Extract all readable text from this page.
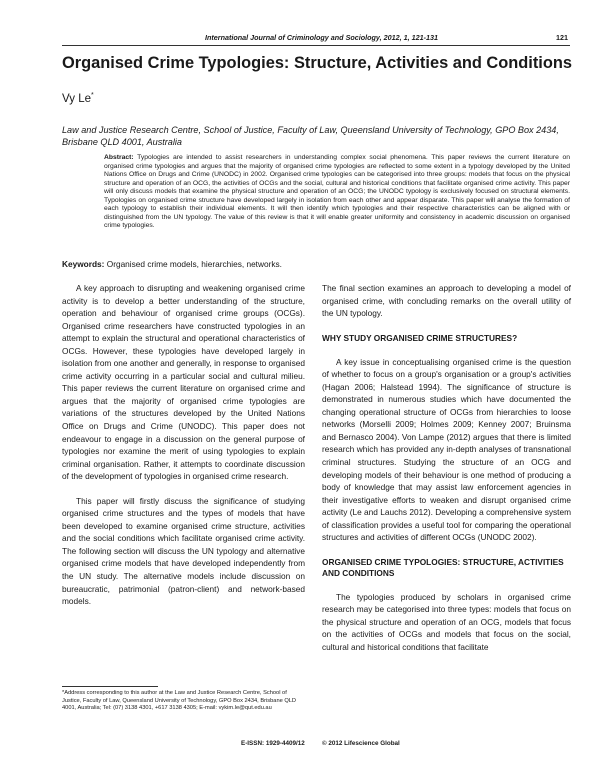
International Journal of Criminology and Sociology, 2012, 1, 121-131	121
Organised Crime Typologies: Structure, Activities and Conditions
Vy Le*
Law and Justice Research Centre, School of Justice, Faculty of Law, Queensland University of Technology, GPO Box 2434, Brisbane QLD 4001, Australia
Abstract: Typologies are intended to assist researchers in understanding complex social phenomena. This paper reviews the current literature on organised crime typologies and argues that the majority of organised crime typologies are reflected to some extent in a typology developed by the United Nations Office on Drugs and Crime (UNODC) in 2002. Organised crime typologies can be categorised into three groups: models that focus on the physical structure and operation of an OCG, the activities of OCGs and the social, cultural and historical conditions that facilitate organised crime activity. This paper will only discuss models that examine the physical structure and operation of an OCG; the UNODC typology is exclusively focused on structural elements. Typologies on organised crime structure have developed largely in isolation from each other and appear disparate. This paper will analyse the formation of each typology to establish their individual elements. It will then identify which typologies and their respective characteristics can be aligned with or distinguished from the UN typology. The value of this review is that it will enable greater uniformity and consistency in academic discussion on organised crime typologies.
Keywords: Organised crime models, hierarchies, networks.

A key approach to disrupting and weakening organised crime activity is to develop a better understanding of the structure, operation and behaviour of organised crime groups (OCGs). Organised crime researchers have constructed typologies in an attempt to explain the structural and operational characteristics of OCGs. However, these typologies have developed largely in isolation from one another and generally, in response to organised crime activity occurring in a particular social and cultural milieu. This paper reviews the current literature on organised crime and argues that the majority of organised crime typologies are variations of the structures developed by the United Nations Office on Drugs and Crime (UNODC). This paper does not endeavour to engage in a discussion on the general purpose of typologies nor examine the merit of using typologies to explain criminal organisation. Rather, it attempts to coordinate discussion of the development of typologies in organised crime research.

This paper will firstly discuss the significance of studying organised crime structures and the types of models that have been developed to examine organised crime structure, activities and the social conditions which facilitate organised crime activity. The following section will discuss the UN typology and alternative organised crime models that have developed independently from the UN study. The alternative models include discussion on bureaucratic, patrimonial (patron-client) and network-based models.

The final section examines an approach to developing a model of organised crime, with concluding remarks on the overall utility of the UN typology.

WHY STUDY ORGANISED CRIME STRUCTURES?

A key issue in conceptualising organised crime is the question of whether to focus on a group's organisation or a group's activities (Hagan 2006; Halstead 1994). The significance of structure is demonstrated in numerous studies which have documented the changing operational structure of OCGs from hierarchies to loose networks (Morselli 2009; Holmes 2009; Kenney 2007; Bruinsma and Bernasco 2004). Von Lampe (2012) argues that there is limited research which has provided any in-depth analyses of transnational criminal structures. Studying the structure of an OCG and developing models of their behaviour is one method of producing a body of knowledge that may assist law enforcement agencies in their investigative efforts to weaken and disrupt organised crime activity (Le and Lauchs 2012). Developing a comprehensive system of classification provides a useful tool for comparing the operational structures and activities of different OCGs (UNODC 2002).

ORGANISED CRIME TYPOLOGIES: STRUCTURE, ACTIVITIES AND CONDITIONS

The typologies produced by scholars in organised crime research may be categorised into three types: models that focus on the physical structure and operation of an OCG, models that focus on the activities of OCGs and models that focus on the social, cultural and historical conditions that facilitate

*Address corresponding to this author at the Law and Justice Research Centre, School of Justice, Faculty of Law, Queensland University of Technology, GPO Box 2434, Brisbane QLD 4001, Australia; Tel: (07) 3138 4301, +617 3138 4305; E-mail: vykim.le@qut.edu.au
E-ISSN: 1929-4409/12	© 2012 Lifescience Global
